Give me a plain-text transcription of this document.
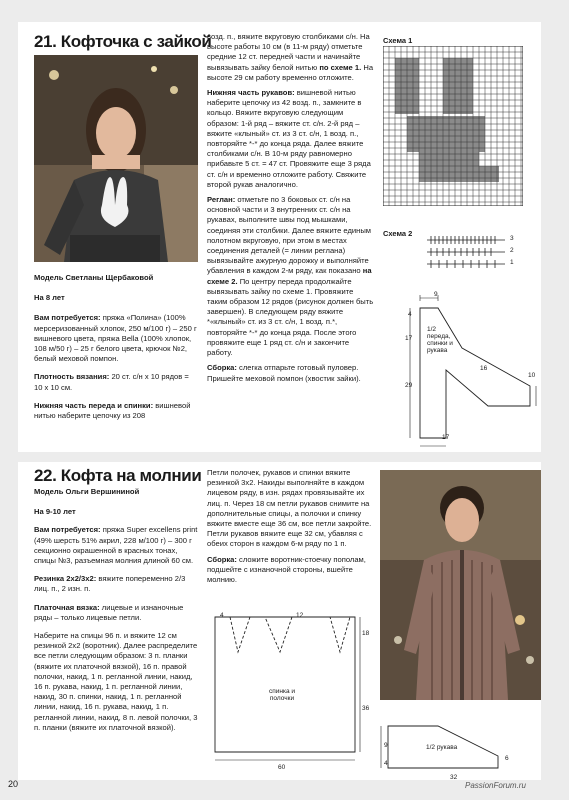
21. Кофточка с зайкой

Модель Светланы Щербаковой

На 8 лет

Вам потребуется: пряжа «Полина» (100% мерсеризованный хлопок, 250 м/100 г) – 250 г вишневого цвета, пряжа Bella (100% хлопок, 108 м/50 г) – 25 г белого цвета, крючок №2, белый меховой помпон.

Плотность вязания: 20 ст. с/н х 10 рядов = 10 х 10 см.

Нижняя часть переда и спинки: вишневой нитью наберите цепочку из 208

возд. п., вяжите вкруговую столбиками с/н. На высоте работы 10 см (в 11-м ряду) отметьте средние 12 ст. передней части и начинайте вывязывать зайку белой нитью по схеме 1. На высоте 29 см работу временно отложите.

Нижняя часть рукавов: вишневой нитью наберите цепочку из 42 возд. п., замкните в кольцо. Вяжите вкруговую следующим образом: 1-й ряд – вяжите ст. с/н. 2-й ряд – вяжите «клыный» ст. из 3 ст. с/н, 1 возд. п., повторяйте *-* до конца ряда. Далее вяжите столбиками с/н. В 10-м ряду равномерно прибавьте 5 ст. = 47 ст. Провяжите еще 3 ряда ст. с/н и временно отложите работу. Свяжите второй рукав аналогично.

Реглан: отметьте по 3 боковых ст. с/н на основной части и 3 внутренних ст. с/н на рукавах, выполните швы под мышками, соединяя эти столбики. Далее вяжите единым полотном вкруговую, при этом в местах соединения деталей (= линии реглана) вывязывайте ажурную дорожку и выполняйте убавления в каждом 2-м ряду, как показано на схеме 2. По центру переда продолжайте вывязывать зайку по схеме 1. Провяжите таким образом 12 рядов (рисунок должен быть завершен). В следующем ряду вяжите *«клыный» ст. из 3 ст. с/н, 1 возд. п.*, повторяйте *-* до конца ряда. После этого провяжите еще 1 ряд ст. с/н и закончите работу.

Сборка: слегка отпарьте готовый пуловер. Пришейте меховой помпон (хвостик зайки).

Схема 1
Схема 2
3
2
1
9
4
17
29
16
10
17
1/2 переда, спинки и рукава
22. Кофта на молнии

Модель Ольги Вершининой

На 9-10 лет

Вам потребуется: пряжа Super excellens print (49% шерсть 51% акрил, 228 м/100 г) – 300 г секционно окрашенной в красных тонах, спицы №3, разъемная молния длиной 60 см.

Резинка 2х2/3х2: вяжите попеременно 2/3 лиц. п., 2 изн. п.

Платочная вязка: лицевые и изнаночные ряды – только лицевые петли.

Наберите на спицы 96 п. и вяжите 12 см резинкой 2х2 (воротник). Далее распределите все петли следующим образом: 3 п. планки (вяжите их платочной вязкой), 16 п. правой полочки, накид, 1 п. регланной линии, накид, 16 п. рукава, накид, 1 п. регланной линии, накид, 30 п. спинки, накид, 1 п. регланной линии, накид, 16 п. рукава, накид, 1 п. регланной линии, накид, 8 п. левой полочки, 3 п. планки (вяжите их платочной вязкой).

Петли полочек, рукавов и спинки вяжите резинкой 3х2. Накиды выполняйте в каждом лицевом ряду, в изн. рядах провязывайте их лиц. п. Через 18 см петли рукавов снимите на дополнительные спицы, а полочки и спинку вяжите вместе еще 36 см, все петли закройте. Петли рукавов вяжите еще 32 см, убавляя с обеих сторон в каждом 6-м ряду по 1 п.

Сборка: сложите воротник-стоечку пополам, подшейте с изнаночной стороны, вшейте молнию.

4	12
18
36
60
спинка и полочки
9
4
6
1/2 рукава
32
20	PassionForum.ru
